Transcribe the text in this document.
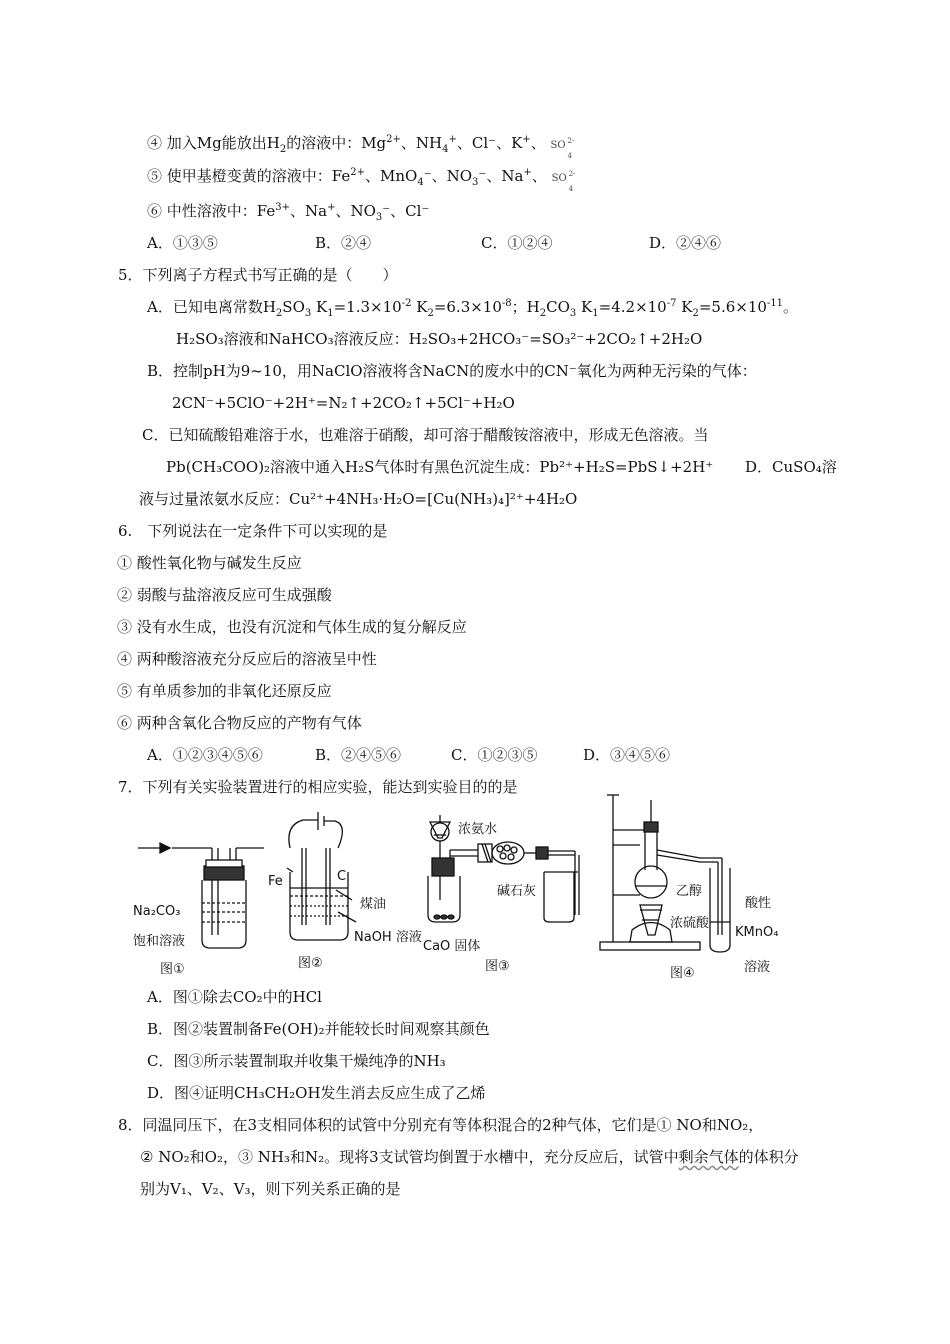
④ 加入Mg能放出$H_2$的溶液中：$Mg^{2+}$、$NH_4^+$、Cl⁻、K+、 SO 2-
4
⑤ 使甲基橙变黄的溶液中：$Fe^{2+}$、MnO$_4$⁻、$NO_3^-$、Na+、 SO 2-
4
⑥ 中性溶液中：$Fe^{3+}$、Na+、$NO_3^-$、Cl⁻
A．①③⑤	B．②④	C．①②④	D．②④⑥
5．下列离子方程式书写正确的是（　　）
A．已知电离常数$H_2SO_3$ $K_1=1.3\times 10^{-2}$ $K_2=6.3\times 10^{-8}$；$H_2CO_3$ $K_1=4.2\times 10^{-7}$ $K_2=5.6\times 10^{-11}$。
H₂SO₃溶液和NaHCO₃溶液反应：H₂SO₃+2HCO₃⁻=SO₃²⁻+2CO₂↑+2H₂O
B．控制pH为9~10，用NaClO溶液将含NaCN的废水中的CN⁻氧化为两种无污染的气体：
2CN⁻+5ClO⁻+2H⁺=N₂↑+2CO₂↑+5Cl⁻+H₂O
C．已知硫酸铅难溶于水，也难溶于硝酸，却可溶于醋酸铵溶液中，形成无色溶液。当
Pb(CH₃COO)₂溶液中通入H₂S气体时有黑色沉淀生成：Pb²⁺+H₂S=PbS↓+2H⁺ D．CuSO₄溶
液与过量浓氨水反应：Cu²⁺+4NH₃·H₂O=[Cu(NH₃)₄]²⁺+4H₂O
6.　下列说法在一定条件下可以实现的是
① 酸性氧化物与碱发生反应
② 弱酸与盐溶液反应可生成强酸
③ 没有水生成，也没有沉淀和气体生成的复分解反应
④ 两种酸溶液充分反应后的溶液呈中性
⑤ 有单质参加的非氧化还原反应
⑥ 两种含氧化合物反应的产物有气体
A．①②③④⑤⑥	B．②④⑤⑥	C．①②③⑤	D．③④⑤⑥
7．下列有关实验装置进行的相应实验，能达到实验目的的是
Na₂CO₃
饱和溶液
图①
Fe	C
煤油
NaOH 溶液
图②
浓氨水
碱石灰
CaO 固体
图③
乙醇
浓硫酸
酸性
KMnO₄
溶液
图④
A．图①除去CO₂中的HCl
B．图②装置制备Fe(OH)₂并能较长时间观察其颜色
C．图③所示装置制取并收集干燥纯净的NH₃
D．图④证明CH₃CH₂OH发生消去反应生成了乙烯
8．同温同压下，在3支相同体积的试管中分别充有等体积混合的2种气体，它们是① NO和NO₂，
② NO₂和O₂，③ NH₃和N₂。现将3支试管均倒置于水槽中，充分反应后，试管中剩余气体的体积分
别为V₁、V₂、V₃，则下列关系正确的是
